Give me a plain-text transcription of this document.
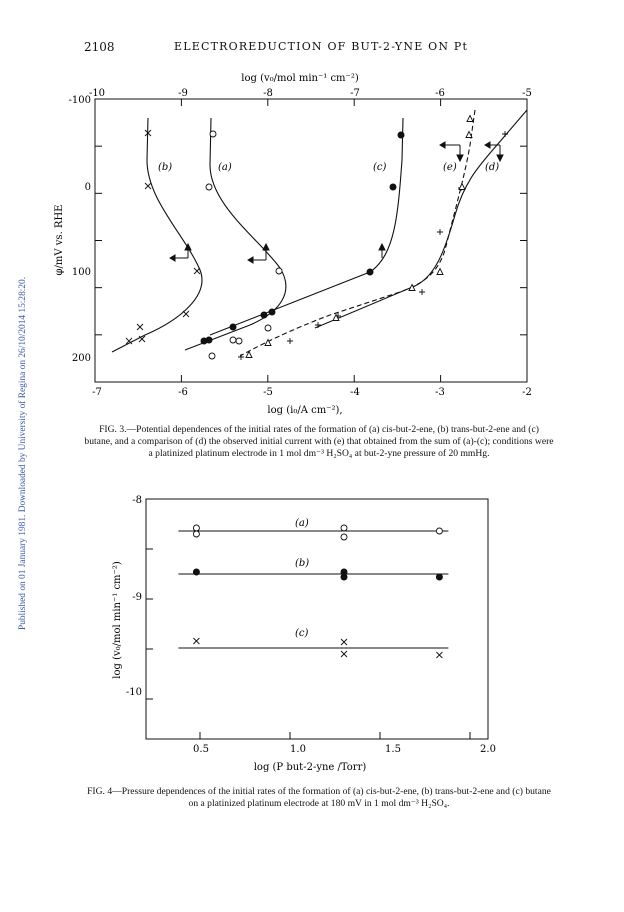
2108	ELECTROREDUCTION OF BUT-2-YNE ON Pt
Published on 01 January 1981. Downloaded by University of Regina on 26/10/2014 15:28:20.
log (v₀/mol min⁻¹ cm⁻²)
-10	-9	-8	-7	-6	-5
-100
0
100
200
φ/mV vs. RHE
-7	-6	-5	-4	-3	-2
log (i₀/A cm⁻²),
(b)	(a)	(c)	(e)	(d)
FIG. 3.—Potential dependences of the initial rates of the formation of (a) cis-but-2-ene, (b) trans-but-2-ene and (c) butane, and a comparison of (d) the observed initial current with (e) that obtained from the sum of (a)-(c); conditions were a platinized platinum electrode in 1 mol dm⁻³ H₂SO₄ at but-2-yne pressure of 20 mmHg.
-8
-9
-10
log (v₀/mol min⁻¹ cm⁻²)
0.5	1.0	1.5	2.0
log (P but-2-yne /Torr)
(a)
(b)
(c)
FIG. 4—Pressure dependences of the initial rates of the formation of (a) cis-but-2-ene, (b) trans-but-2-ene and (c) butane on a platinized platinum electrode at 180 mV in 1 mol dm⁻³ H₂SO₄.
